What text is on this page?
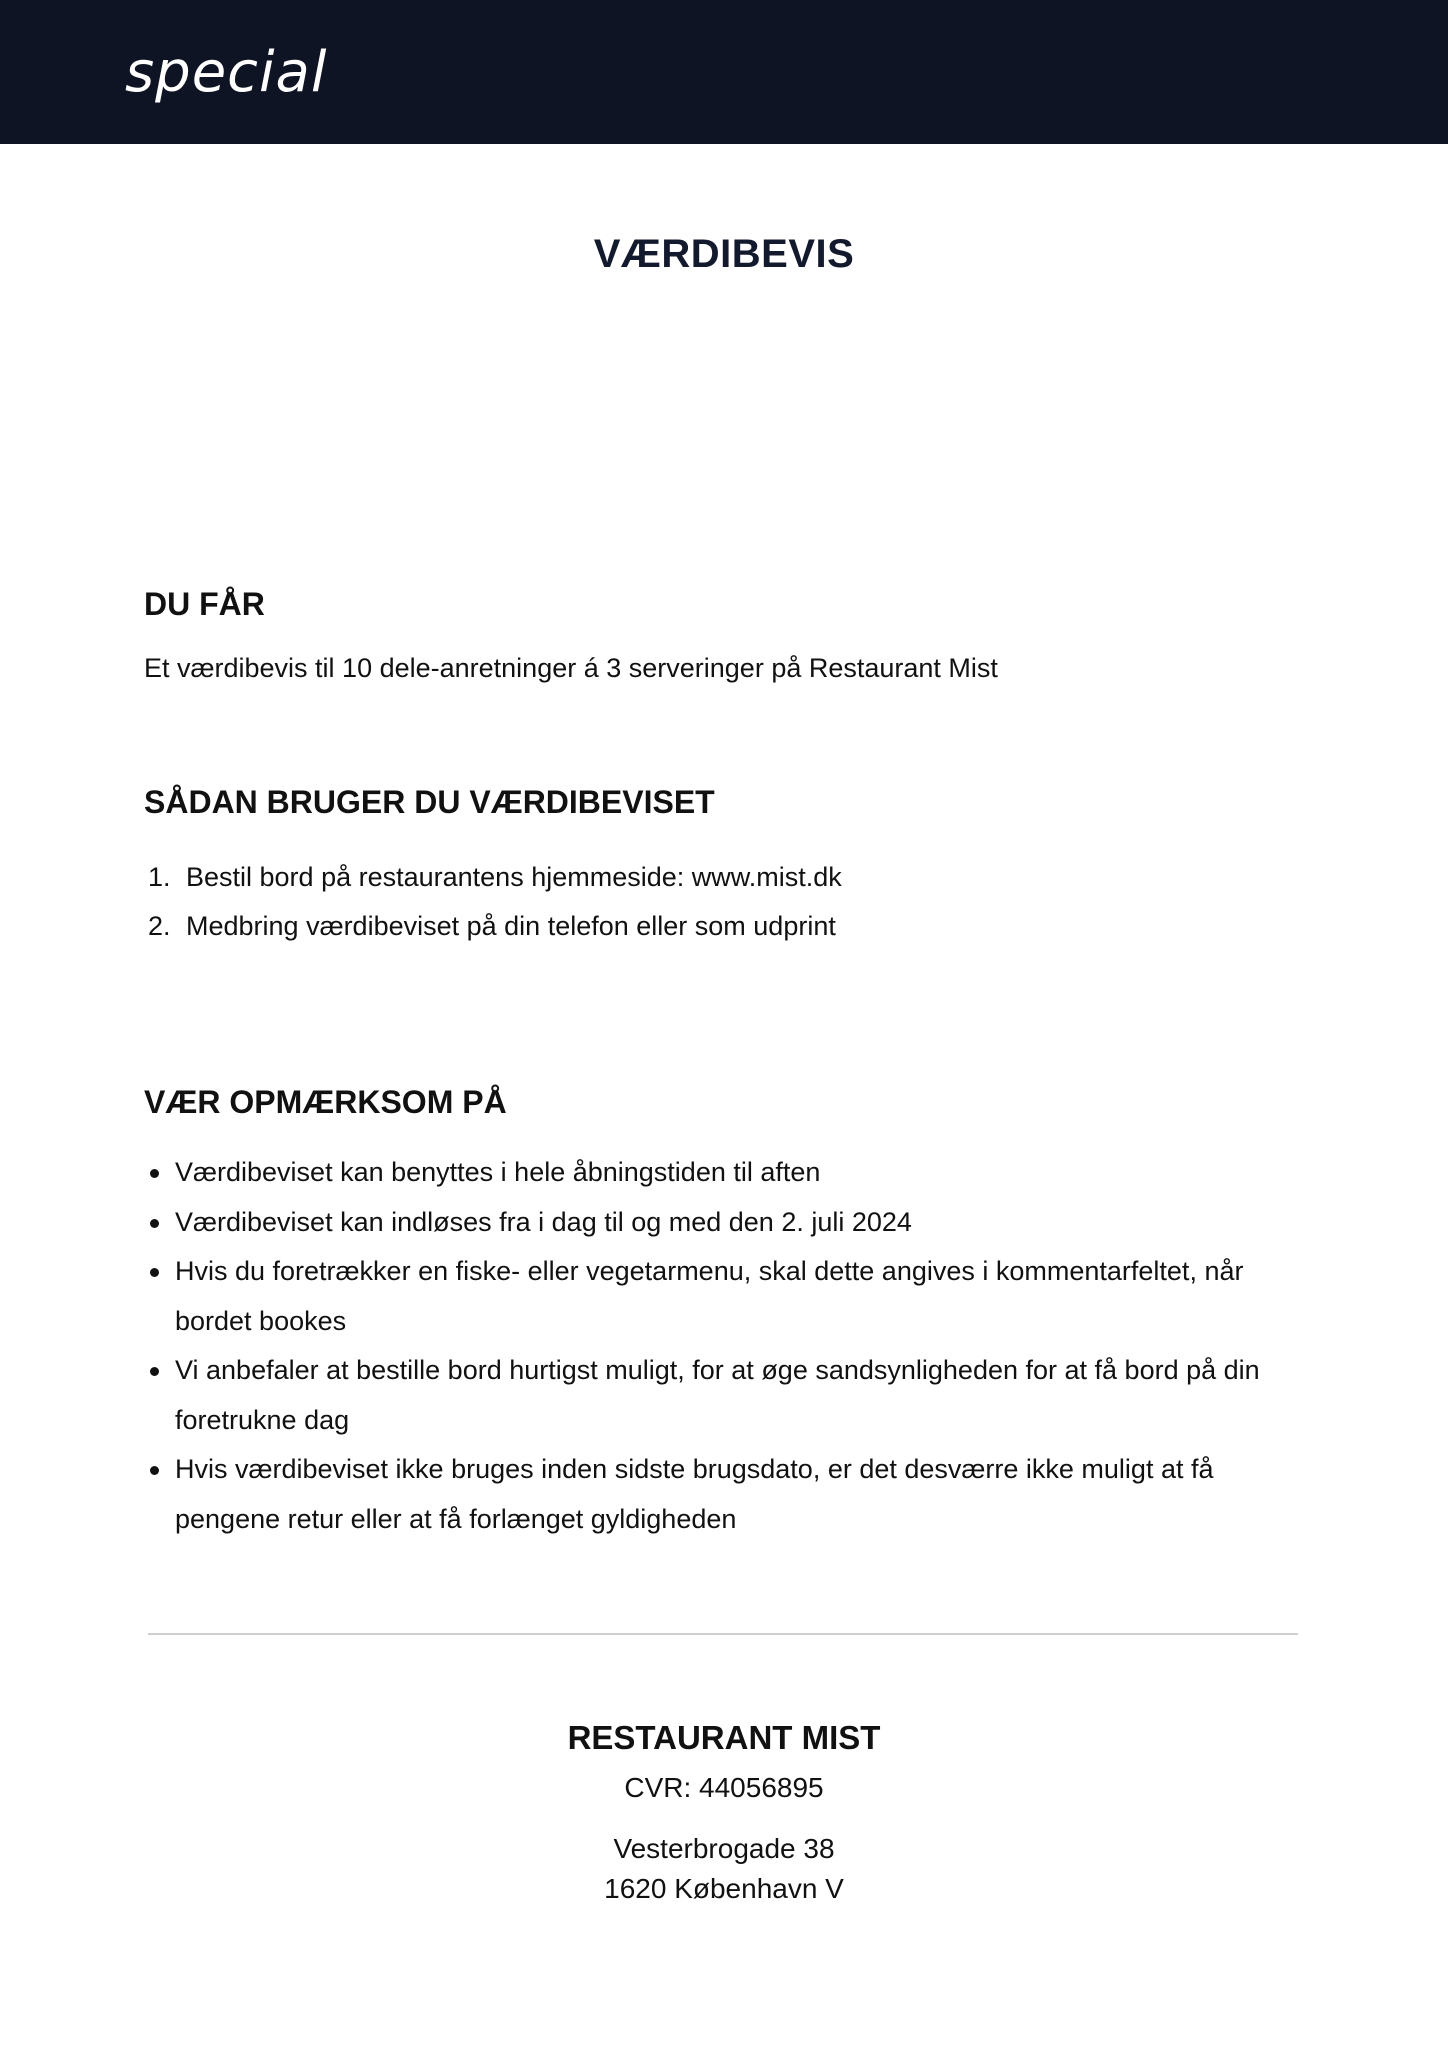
special
VÆRDIBEVIS
DU FÅR
Et værdibevis til 10 dele-anretninger á 3 serveringer på Restaurant Mist
SÅDAN BRUGER DU VÆRDIBEVISET
1. Bestil bord på restaurantens hjemmeside: www.mist.dk
2. Medbring værdibeviset på din telefon eller som udprint
VÆR OPMÆRKSOM PÅ
Værdibeviset kan benyttes i hele åbningstiden til aften
Værdibeviset kan indløses fra i dag til og med den 2. juli 2024
Hvis du foretrækker en fiske- eller vegetarmenu, skal dette angives i kommentarfeltet, når bordet bookes
Vi anbefaler at bestille bord hurtigst muligt, for at øge sandsynligheden for at få bord på din foretrukne dag
Hvis værdibeviset ikke bruges inden sidste brugsdato, er det desværre ikke muligt at få pengene retur eller at få forlænget gyldigheden
RESTAURANT MIST
CVR: 44056895
Vesterbrogade 38
1620 København V
